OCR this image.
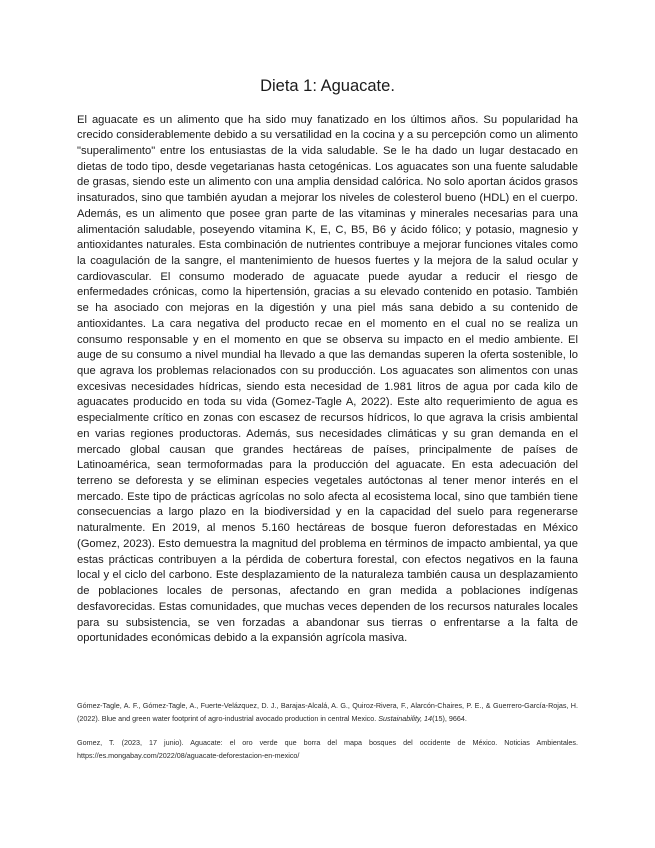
Dieta 1: Aguacate.

El aguacate es un alimento que ha sido muy fanatizado en los últimos años. Su popularidad ha crecido considerablemente debido a su versatilidad en la cocina y a su percepción como un alimento "superalimento" entre los entusiastas de la vida saludable. Se le ha dado un lugar destacado en dietas de todo tipo, desde vegetarianas hasta cetogénicas. Los aguacates son una fuente saludable de grasas, siendo este un alimento con una amplia densidad calórica. No solo aportan ácidos grasos insaturados, sino que también ayudan a mejorar los niveles de colesterol bueno (HDL) en el cuerpo. Además, es un alimento que posee gran parte de las vitaminas y minerales necesarias para una alimentación saludable, poseyendo vitamina K, E, C, B5, B6 y ácido fólico; y potasio, magnesio y antioxidantes naturales. Esta combinación de nutrientes contribuye a mejorar funciones vitales como la coagulación de la sangre, el mantenimiento de huesos fuertes y la mejora de la salud ocular y cardiovascular. El consumo moderado de aguacate puede ayudar a reducir el riesgo de enfermedades crónicas, como la hipertensión, gracias a su elevado contenido en potasio. También se ha asociado con mejoras en la digestión y una piel más sana debido a su contenido de antioxidantes. La cara negativa del producto recae en el momento en el cual no se realiza un consumo responsable y en el momento en que se observa su impacto en el medio ambiente. El auge de su consumo a nivel mundial ha llevado a que las demandas superen la oferta sostenible, lo que agrava los problemas relacionados con su producción. Los aguacates son alimentos con unas excesivas necesidades hídricas, siendo esta necesidad de 1.981 litros de agua por cada kilo de aguacates producido en toda su vida (Gomez-Tagle A, 2022). Este alto requerimiento de agua es especialmente crítico en zonas con escasez de recursos hídricos, lo que agrava la crisis ambiental en varias regiones productoras. Además, sus necesidades climáticas y su gran demanda en el mercado global causan que grandes hectáreas de países, principalmente de países de Latinoamérica, sean termoformadas para la producción del aguacate. En esta adecuación del terreno se deforesta y se eliminan especies vegetales autóctonas al tener menor interés en el mercado. Este tipo de prácticas agrícolas no solo afecta al ecosistema local, sino que también tiene consecuencias a largo plazo en la biodiversidad y en la capacidad del suelo para regenerarse naturalmente. En 2019, al menos 5.160 hectáreas de bosque fueron deforestadas en México (Gomez, 2023). Esto demuestra la magnitud del problema en términos de impacto ambiental, ya que estas prácticas contribuyen a la pérdida de cobertura forestal, con efectos negativos en la fauna local y el ciclo del carbono. Este desplazamiento de la naturaleza también causa un desplazamiento de poblaciones locales de personas, afectando en gran medida a poblaciones indígenas desfavorecidas. Estas comunidades, que muchas veces dependen de los recursos naturales locales para su subsistencia, se ven forzadas a abandonar sus tierras o enfrentarse a la falta de oportunidades económicas debido a la expansión agrícola masiva.

Gómez-Tagle, A. F., Gómez-Tagle, A., Fuerte-Velázquez, D. J., Barajas-Alcalá, A. G., Quiroz-Rivera, F., Alarcón-Chaires, P. E., & Guerrero-García-Rojas, H. (2022). Blue and green water footprint of agro-industrial avocado production in central Mexico. Sustainability, 14(15), 9664.

Gomez, T. (2023, 17 junio). Aguacate: el oro verde que borra del mapa bosques del occidente de México. Noticias Ambientales. https://es.mongabay.com/2022/08/aguacate-deforestacion-en-mexico/
